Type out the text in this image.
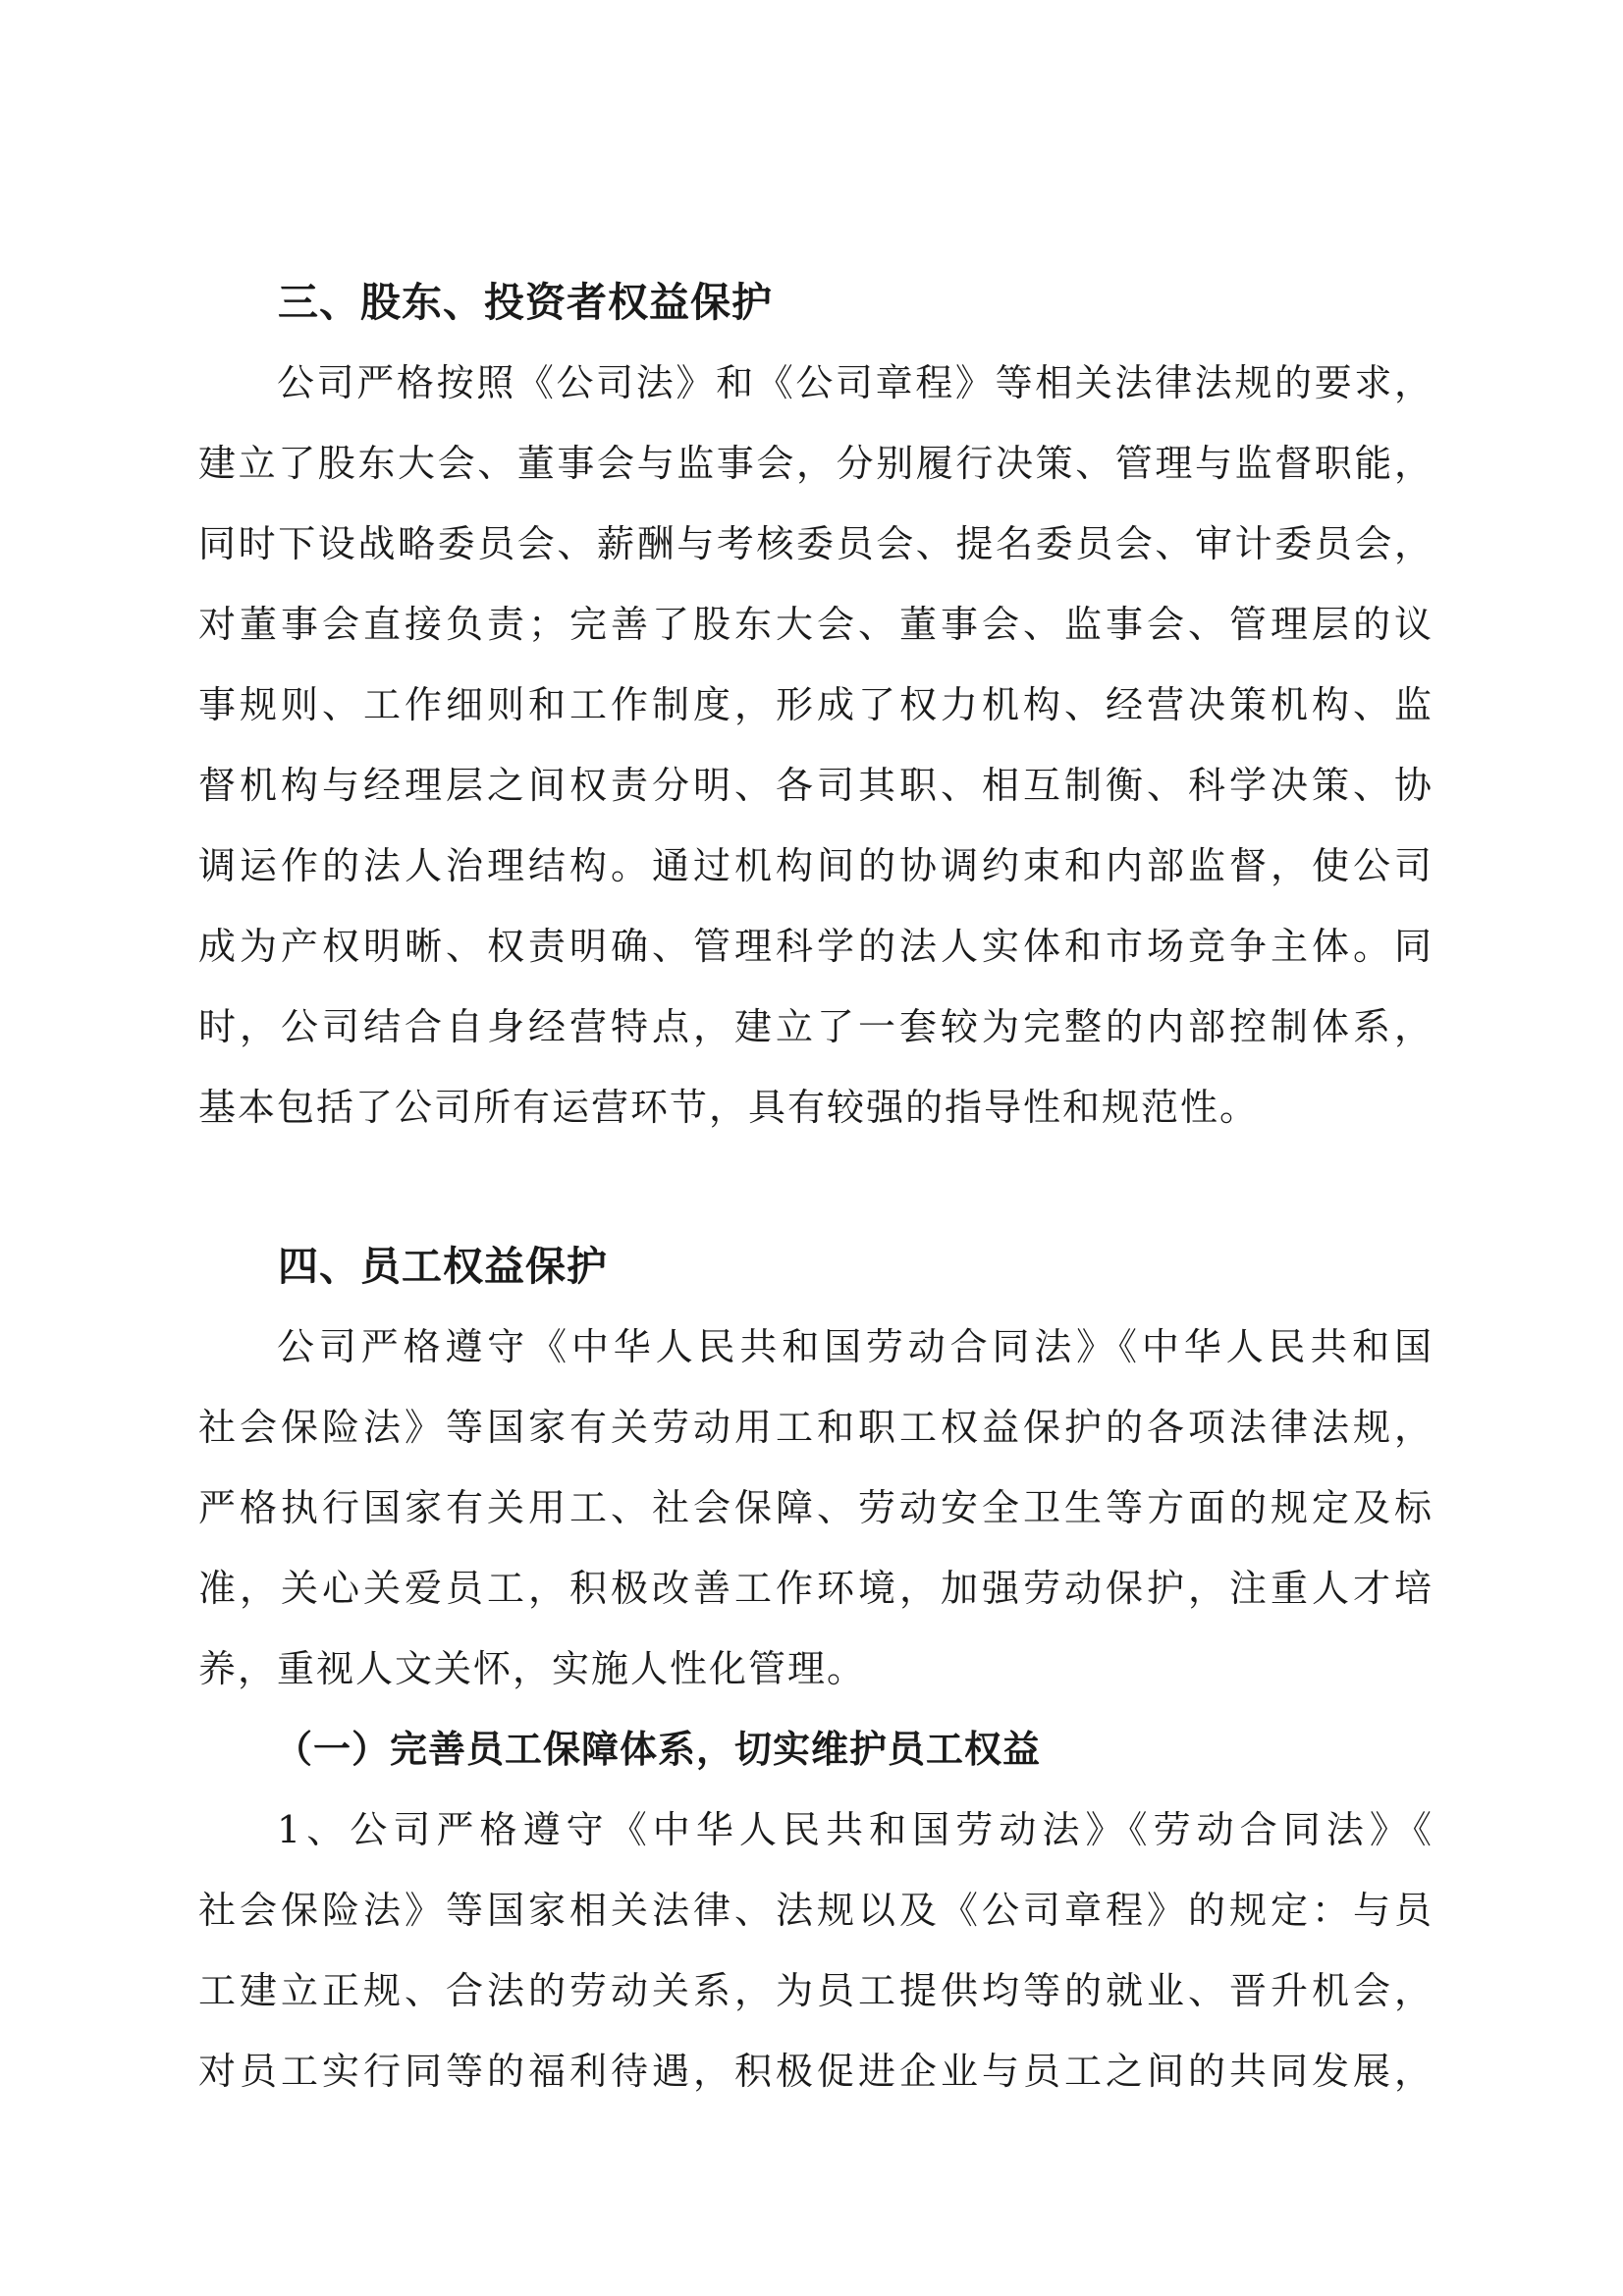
三、股东、投资者权益保护

公司严格按照《公司法》和《公司章程》等相关法律法规的要求，

建立了股东大会、董事会与监事会，分别履行决策、管理与监督职能，

同时下设战略委员会、薪酬与考核委员会、提名委员会、审计委员会，

对董事会直接负责；完善了股东大会、董事会、监事会、管理层的议

事规则、工作细则和工作制度，形成了权力机构、经营决策机构、监

督机构与经理层之间权责分明、各司其职、相互制衡、科学决策、协

调运作的法人治理结构。通过机构间的协调约束和内部监督，使公司

成为产权明晰、权责明确、管理科学的法人实体和市场竞争主体。同

时，公司结合自身经营特点，建立了一套较为完整的内部控制体系，

基本包括了公司所有运营环节，具有较强的指导性和规范性。

四、员工权益保护

公司严格遵守《中华人民共和国劳动合同法》《中华人民共和国

社会保险法》等国家有关劳动用工和职工权益保护的各项法律法规，

严格执行国家有关用工、社会保障、劳动安全卫生等方面的规定及标

准，关心关爱员工，积极改善工作环境，加强劳动保护，注重人才培

养，重视人文关怀，实施人性化管理。

（一）完善员工保障体系，切实维护员工权益

1、公司严格遵守《中华人民共和国劳动法》《劳动合同法》《

社会保险法》等国家相关法律、法规以及《公司章程》的规定：与员

工建立正规、合法的劳动关系，为员工提供均等的就业、晋升机会，

对员工实行同等的福利待遇，积极促进企业与员工之间的共同发展，
